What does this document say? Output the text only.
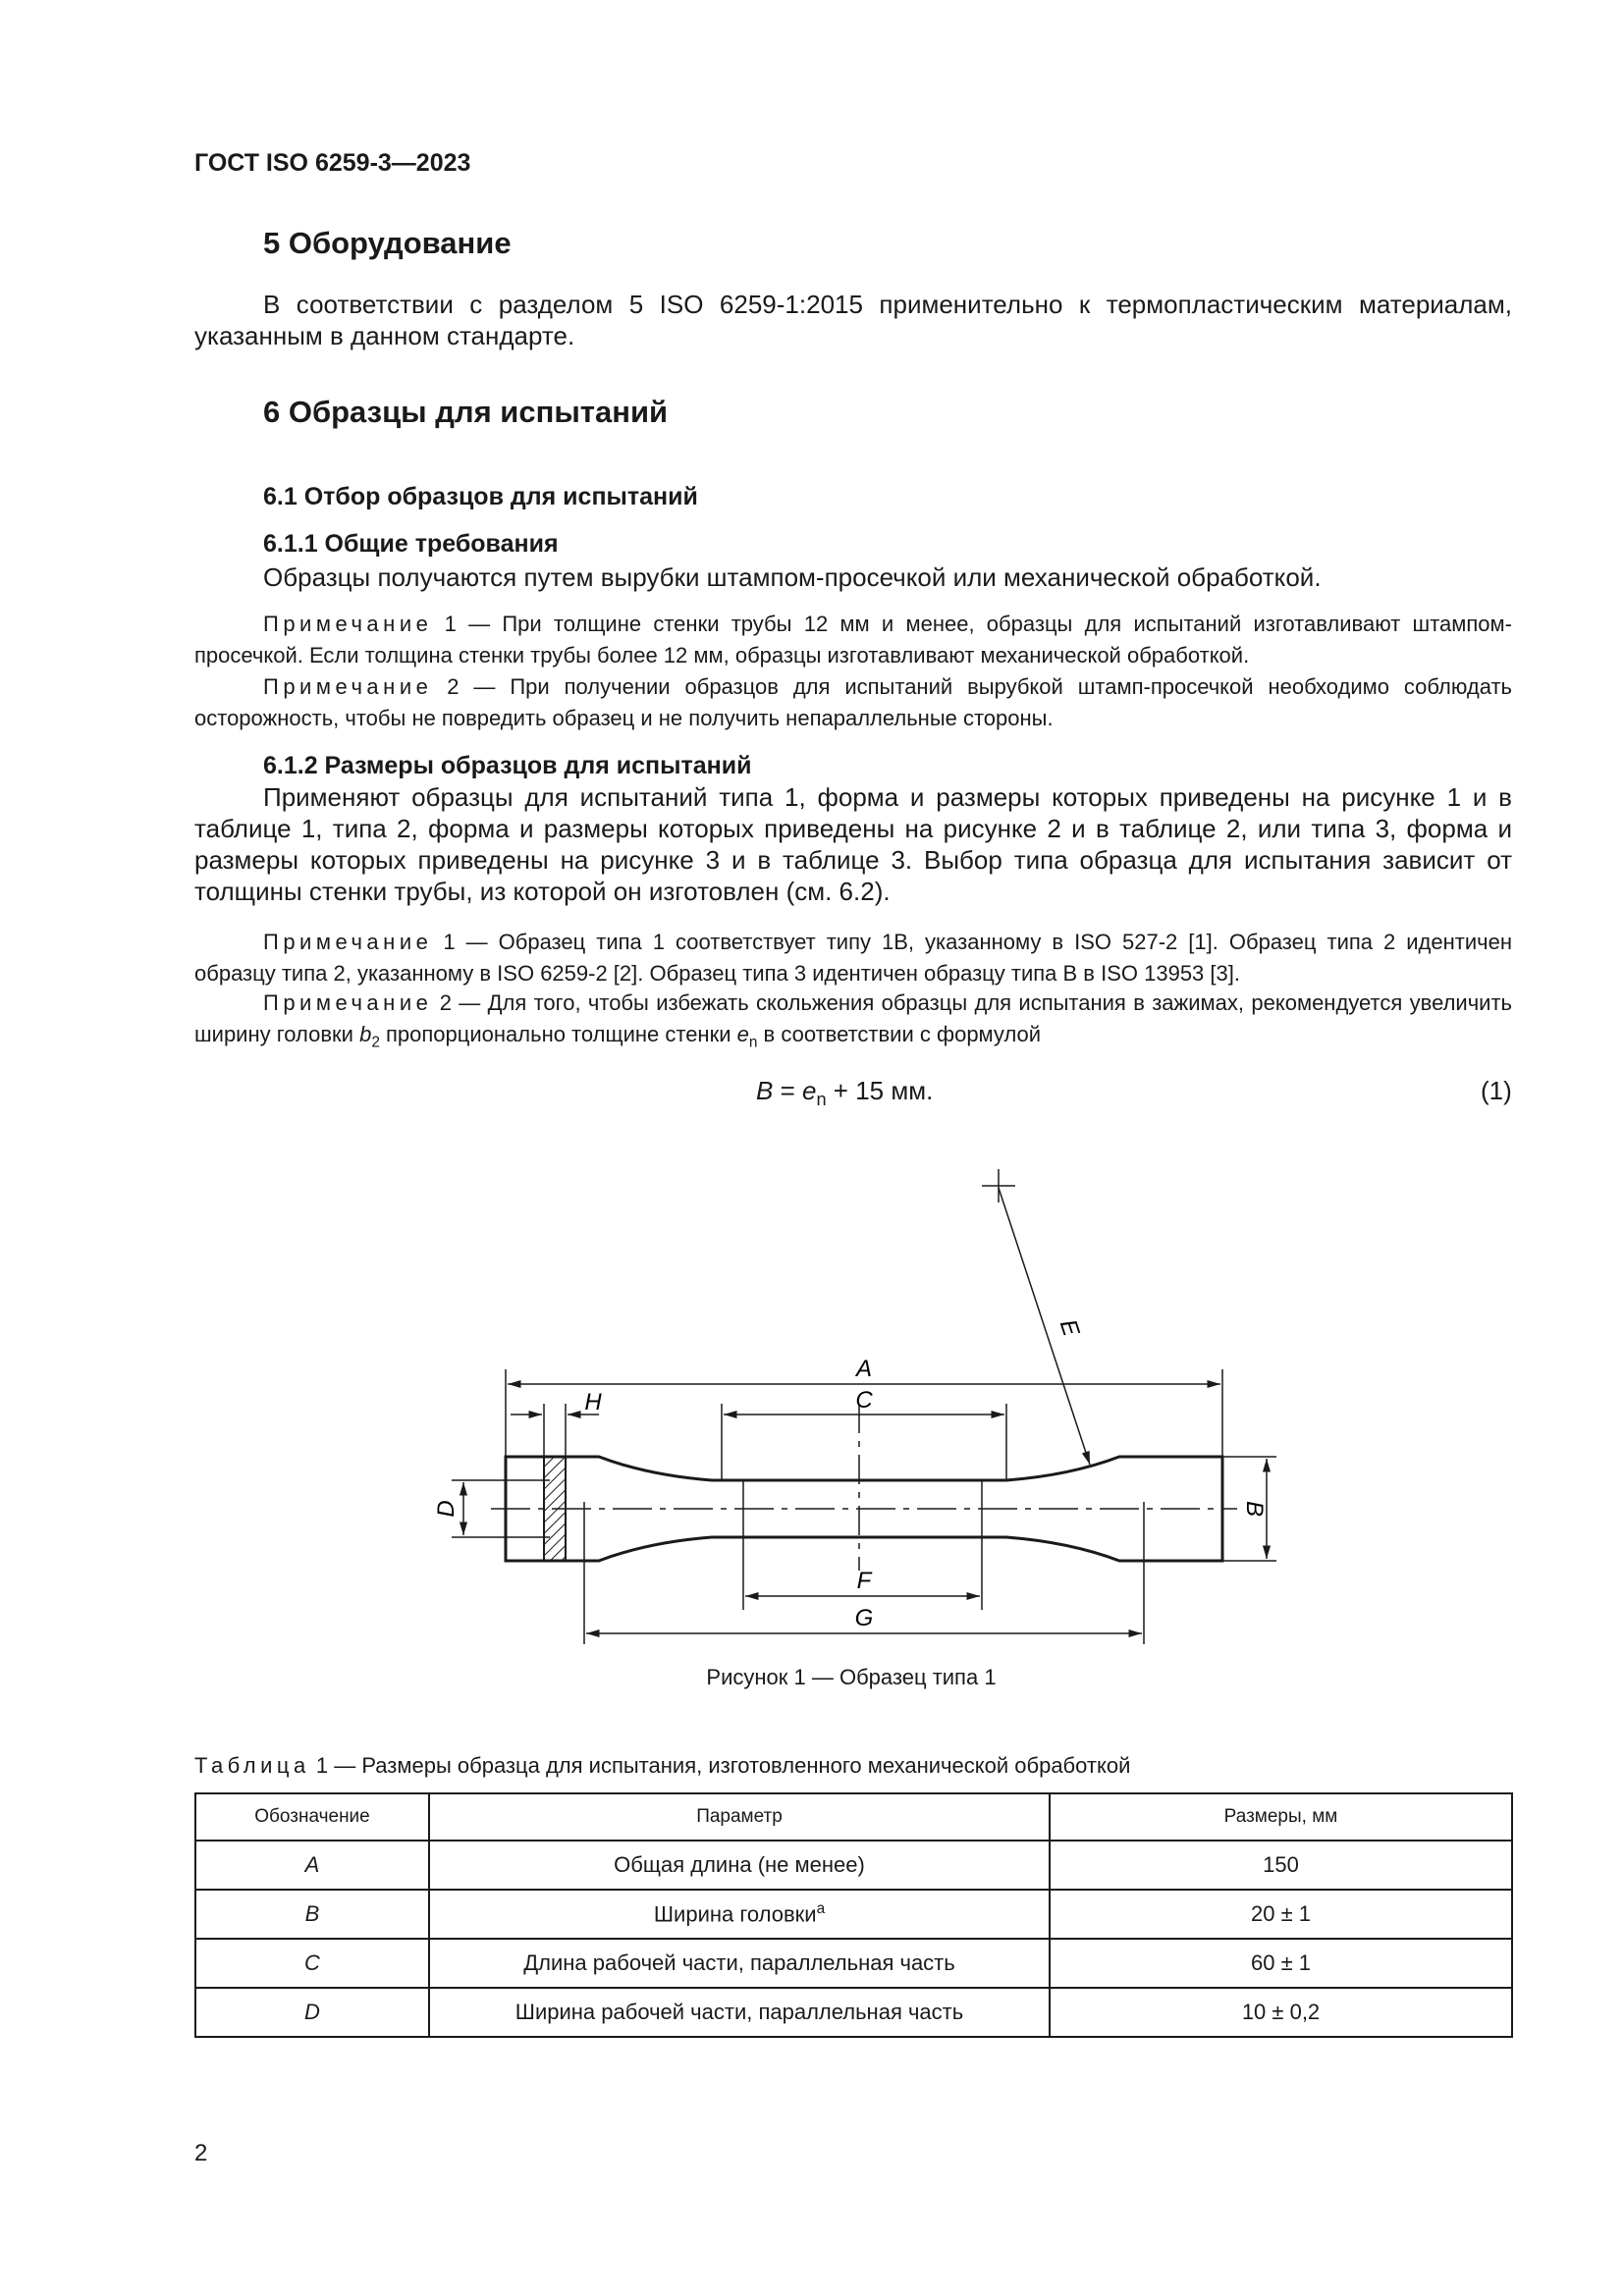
ГОСТ ISO 6259-3—2023
5 Оборудование

В соответствии с разделом 5 ISO 6259-1:2015 применительно к термопластическим материалам, указанным в данном стандарте.

6 Образцы для испытаний
6.1 Отбор образцов для испытаний
6.1.1 Общие требования

Образцы получаются путем вырубки штампом-просечкой или механической обработкой.

Примечание 1 — При толщине стенки трубы 12 мм и менее, образцы для испытаний изготавливают штампом-просечкой. Если толщина стенки трубы более 12 мм, образцы изготавливают механической обработкой.

Примечание 2 — При получении образцов для испытаний вырубкой штамп-просечкой необходимо соблюдать осторожность, чтобы не повредить образец и не получить непараллельные стороны.

6.1.2 Размеры образцов для испытаний

Применяют образцы для испытаний типа 1, форма и размеры которых приведены на рисунке 1 и в таблице 1, типа 2, форма и размеры которых приведены на рисунке 2 и в таблице 2, или типа 3, форма и размеры которых приведены на рисунке 3 и в таблице 3. Выбор типа образца для испытания зависит от толщины стенки трубы, из которой он изготовлен (см. 6.2).

Примечание 1 — Образец типа 1 соответствует типу 1B, указанному в ISO 527-2 [1]. Образец типа 2 идентичен образцу типа 2, указанному в ISO 6259-2 [2]. Образец типа 3 идентичен образцу типа B в ISO 13953 [3].

Примечание 2 — Для того, чтобы избежать скольжения образцы для испытания в зажимах, рекомендуется увеличить ширину головки $b_2$ пропорционально толщине стенки $e_n$ в соответствии с формулой

$B = e_n + 15$ мм.	(1)
A
H	C
D	B
F
G
E
Рисунок 1 — Образец типа 1
Таблица 1 — Размеры образца для испытания, изготовленного механической обработкой
Обозначение	Параметр	Размеры, мм
A	Общая длина (не менее)	150
B	Ширина головки$^a$	20 ± 1
C	Длина рабочей части, параллельная часть	60 ± 1
D	Ширина рабочей части, параллельная часть	10 ± 0,2
2
